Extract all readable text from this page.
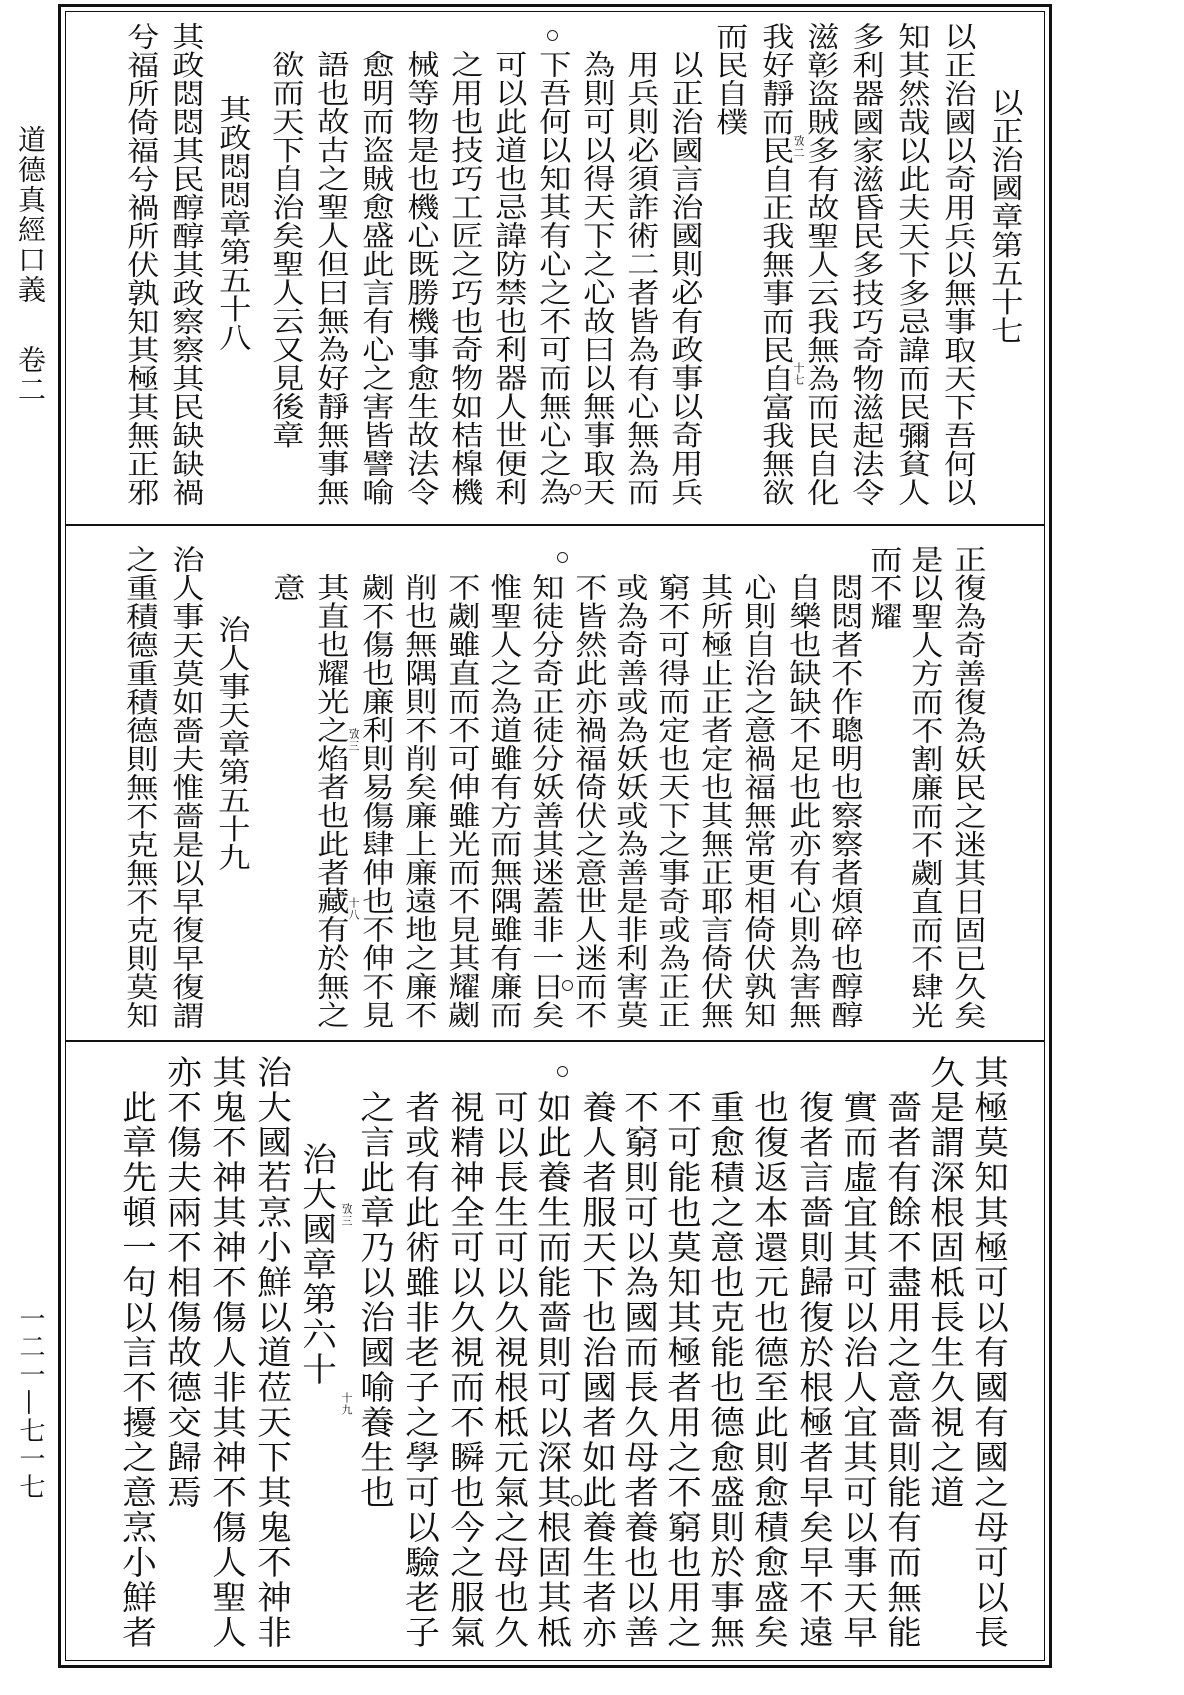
道德真經口義
卷二
一二一—七一七
以正治國章第五十七
以正治國以奇用兵以無事取天下吾何以
知其然哉以此夫天下多忌諱而民彌貧人
多利器國家滋昏民多技巧奇物滋起法令
滋彰盗賊多有故聖人云我無為而民自化
我好靜而民自正我無事而民自富我無欲
而民自樸
以正治國言治國則必有政事以奇用兵
用兵則必須詐術二者皆為有心無為而
為則可以得天下之心故曰以無事取天
下吾何以知其有心之不可而無心之為
可以此道也忌諱防禁也利器人世便利
之用也技巧工匠之巧也奇物如桔槹機
械等物是也機心既勝機事愈生故法令
愈明而盗賊愈盛此言有心之害皆譬喻
語也故古之聖人但曰無為好靜無事無
欲而天下自治矣聖人云又見後章
其政悶悶章第五十八
其政悶悶其民醇醇其政察察其民缺缺禍
兮福所倚福兮禍所伏孰知其極其無正邪	攷二
十七
正復為奇善復為妖民之迷其日固已久矣
是以聖人方而不割廉而不劌直而不肆光
而不耀
悶悶者不作聰明也察察者煩碎也醇醇
自樂也缺缺不足也此亦有心則為害無
心則自治之意禍福無常更相倚伏孰知
其所極止正者定也其無正耶言倚伏無
窮不可得而定也天下之事奇或為正正
或為奇善或為妖妖或為善是非利害莫
不皆然此亦禍福倚伏之意世人迷而不
知徒分奇正徒分妖善其迷蓋非一日矣
惟聖人之為道雖有方而無隅雖有廉而
不劌雖直而不可伸雖光而不見其耀劌
削也無隅則不削矣廉上廉遠地之廉不
劌不傷也廉利則易傷肆伸也不伸不見
其直也耀光之焰者也此者藏有於無之
意
治人事天章第五十九
治人事天莫如嗇夫惟嗇是以早復早復謂
之重積德重積德則無不克無不克則莫知	攷三
十八
其極莫知其極可以有國有國之母可以長
久是謂深根固柢長生久視之道
嗇者有餘不盡用之意嗇則能有而無能
實而虛宜其可以治人宜其可以事天早
復者言嗇則歸復於根極者早矣早不遠
也復返本還元也德至此則愈積愈盛矣
重愈積之意也克能也德愈盛則於事無
不可能也莫知其極者用之不窮也用之
不窮則可以為國而長久母者養也以善
養人者服天下也治國者如此養生者亦
如此養生而能嗇則可以深其根固其柢
可以長生可以久視根柢元氣之母也久
視精神全可以久視而不瞬也今之服氣
者或有此術雖非老子之學可以驗老子
之言此章乃以治國喻養生也
治大國章第六十
治大國若烹小鮮以道莅天下其鬼不神非
其鬼不神其神不傷人非其神不傷人聖人
亦不傷夫兩不相傷故德交歸焉
此章先頓一句以言不擾之意烹小鮮者	攷三
十九
